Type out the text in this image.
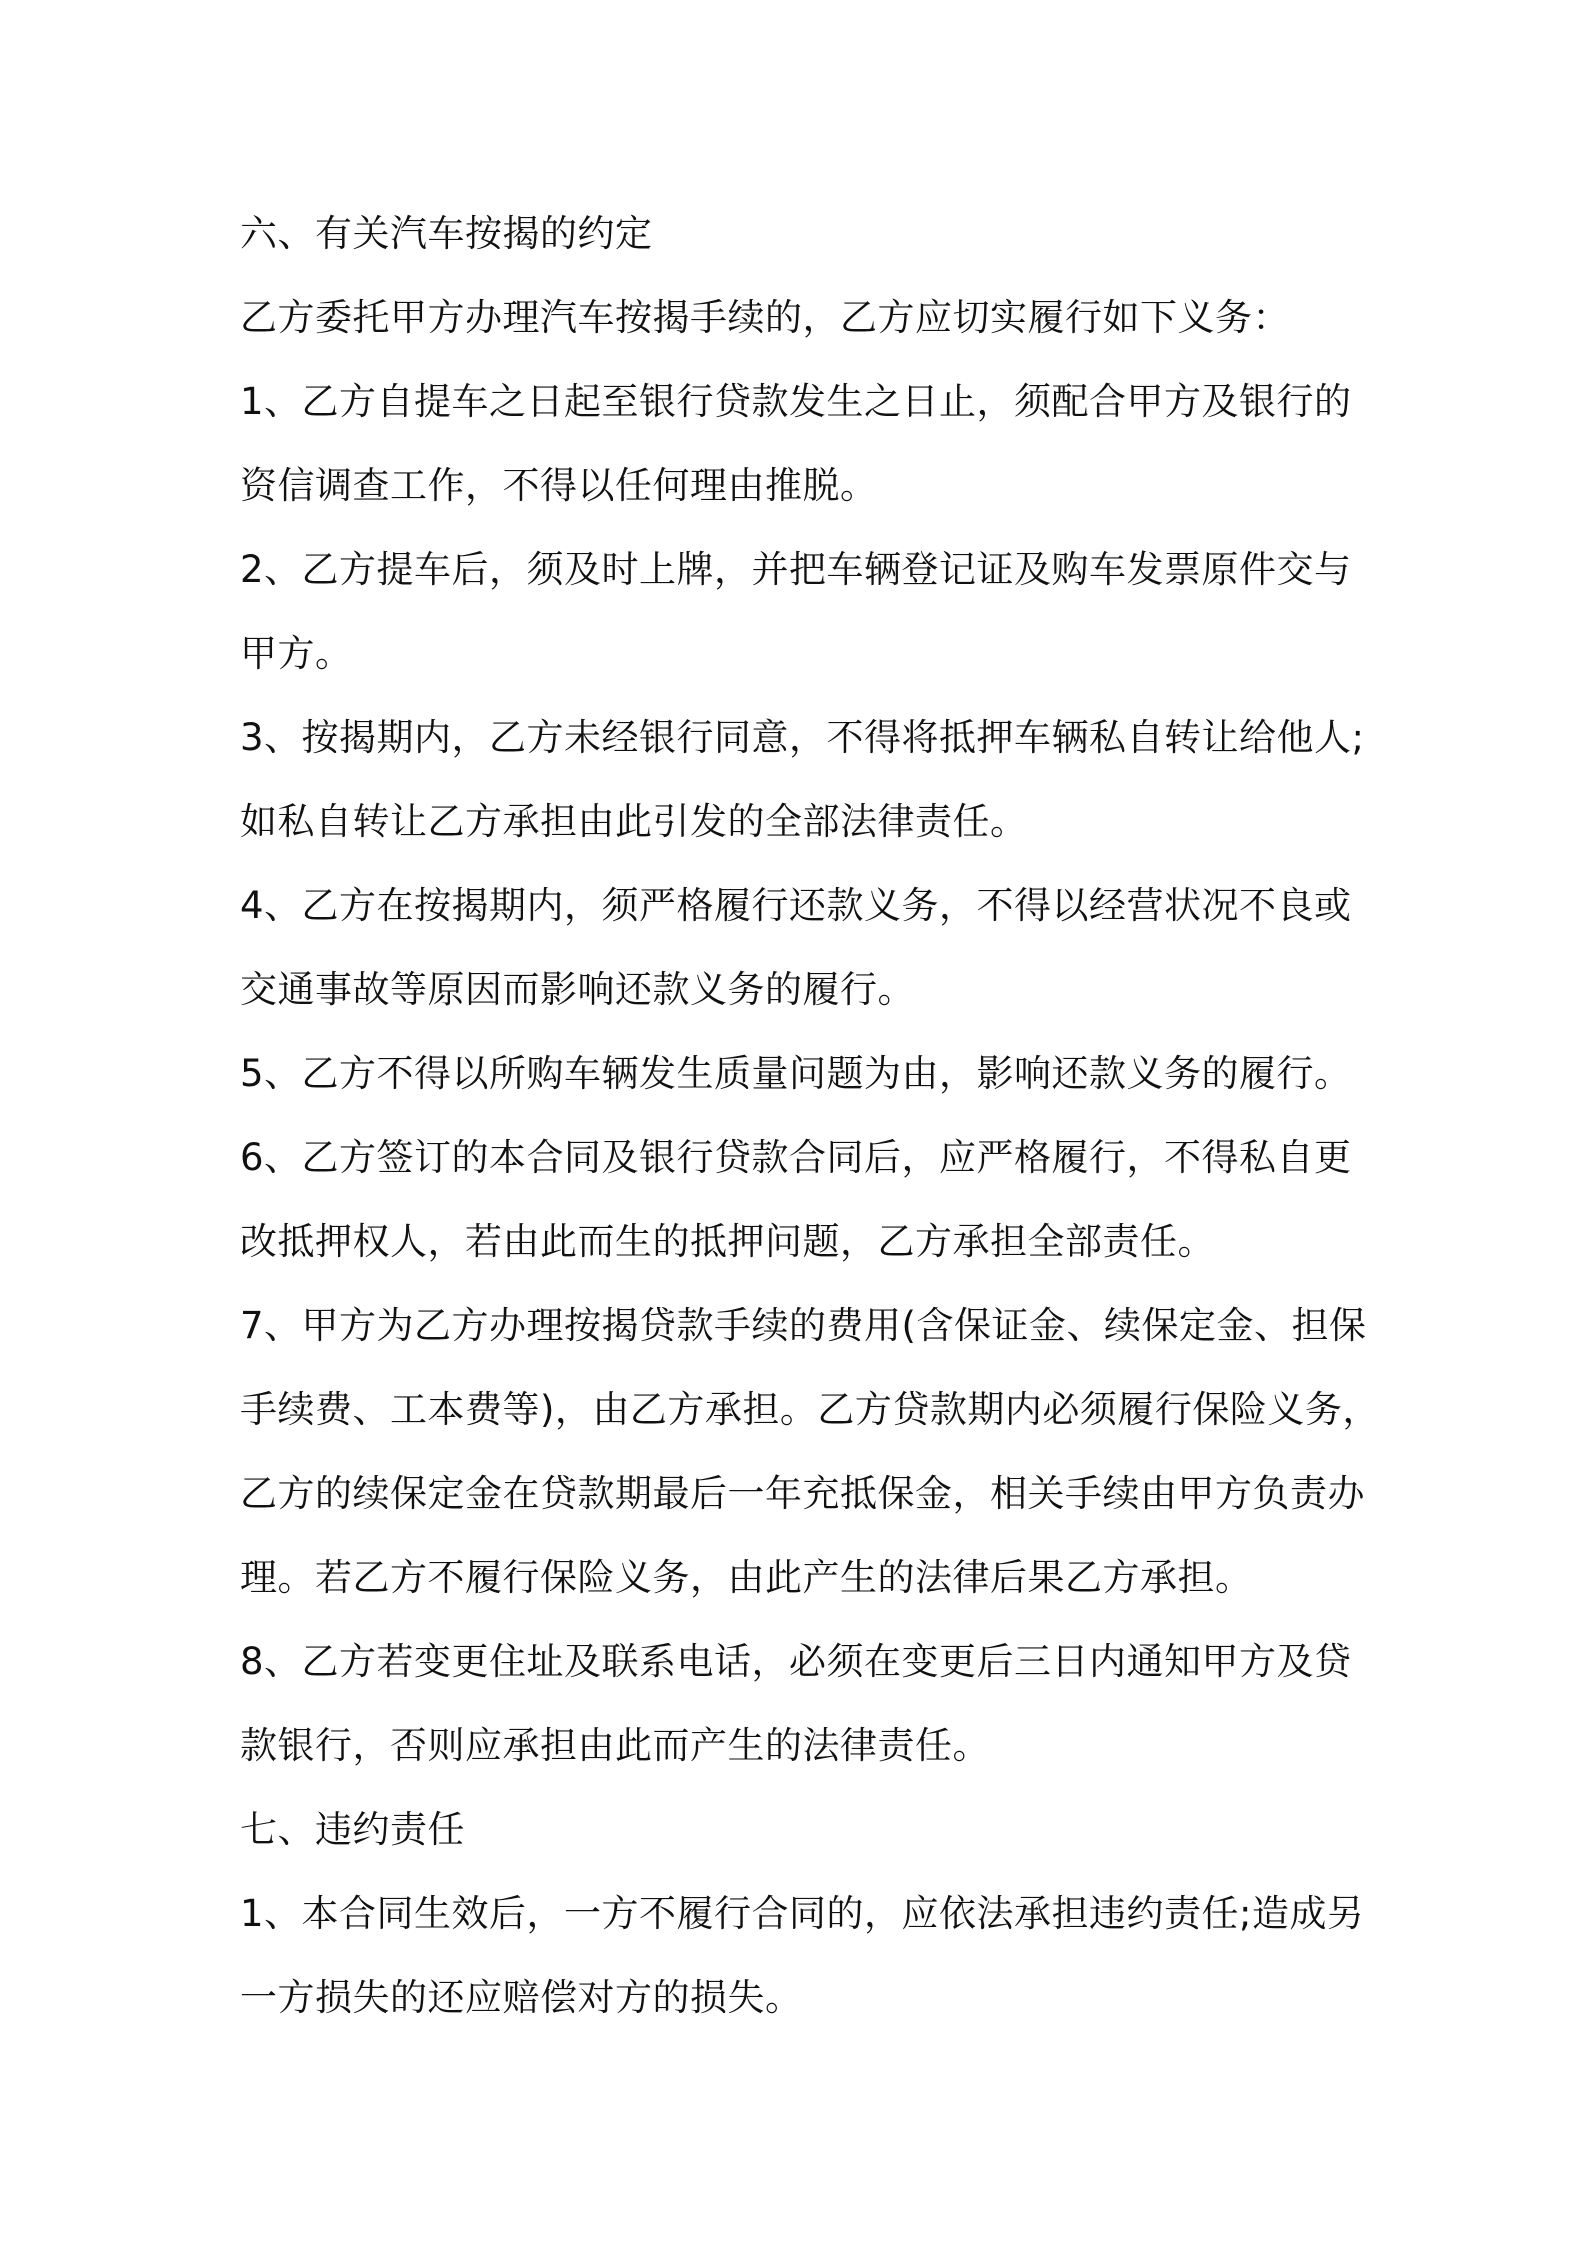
六、有关汽车按揭的约定
乙方委托甲方办理汽车按揭手续的，乙方应切实履行如下义务：
1、乙方自提车之日起至银行贷款发生之日止，须配合甲方及银行的
资信调查工作，不得以任何理由推脱。
2、乙方提车后，须及时上牌，并把车辆登记证及购车发票原件交与
甲方。
3、按揭期内，乙方未经银行同意，不得将抵押车辆私自转让给他人;
如私自转让乙方承担由此引发的全部法律责任。
4、乙方在按揭期内，须严格履行还款义务，不得以经营状况不良或
交通事故等原因而影响还款义务的履行。
5、乙方不得以所购车辆发生质量问题为由，影响还款义务的履行。
6、乙方签订的本合同及银行贷款合同后，应严格履行，不得私自更
改抵押权人，若由此而生的抵押问题，乙方承担全部责任。
7、甲方为乙方办理按揭贷款手续的费用(含保证金、续保定金、担保
手续费、工本费等)，由乙方承担。乙方贷款期内必须履行保险义务，
乙方的续保定金在贷款期最后一年充抵保金，相关手续由甲方负责办
理。若乙方不履行保险义务，由此产生的法律后果乙方承担。
8、乙方若变更住址及联系电话，必须在变更后三日内通知甲方及贷
款银行，否则应承担由此而产生的法律责任。
七、违约责任
1、本合同生效后，一方不履行合同的，应依法承担违约责任;造成另
一方损失的还应赔偿对方的损失。
